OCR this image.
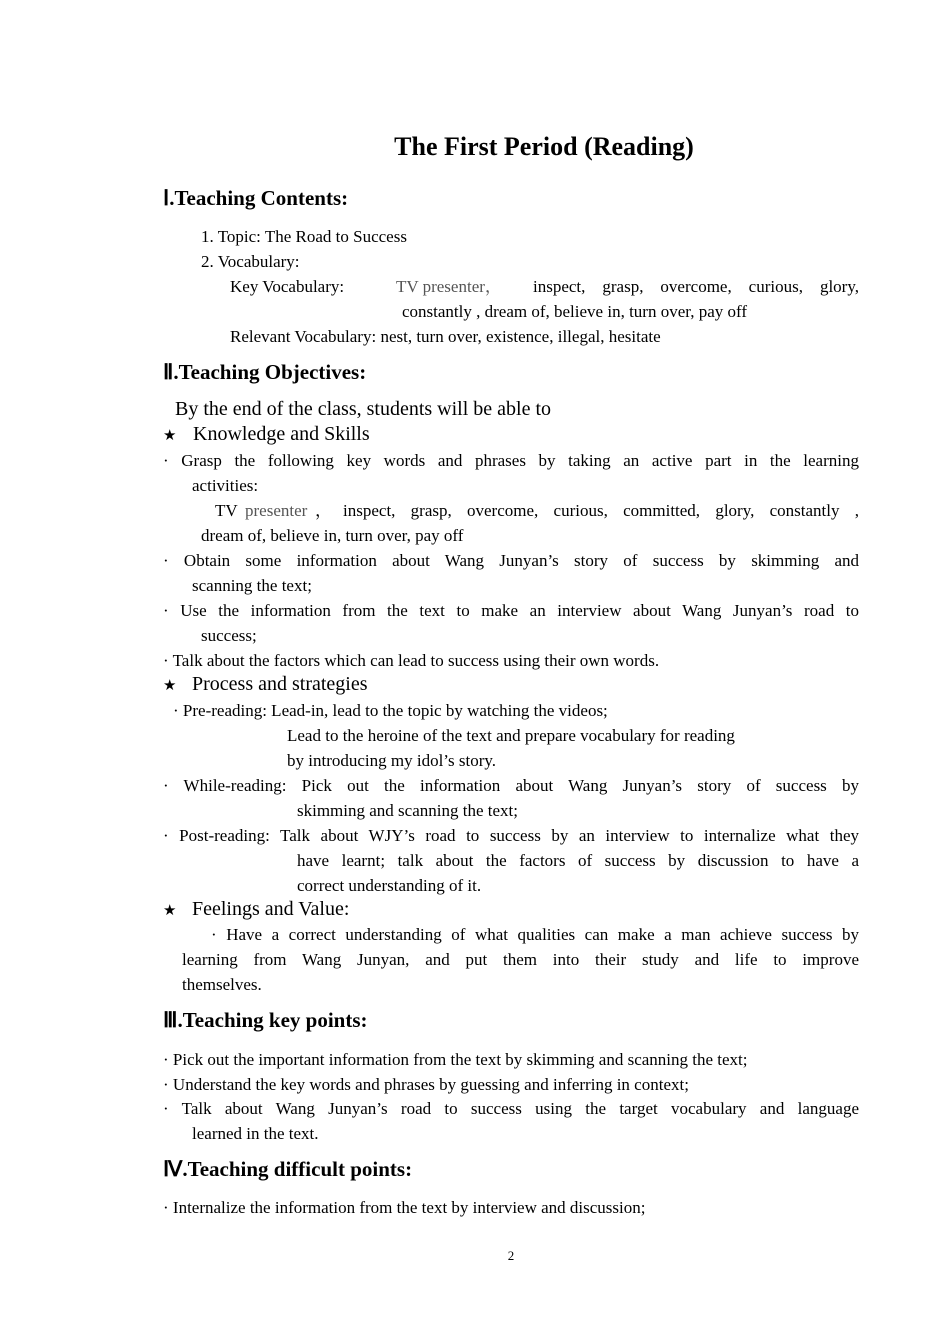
The First Period (Reading)
Ⅰ.Teaching Contents:
1. Topic: The Road to Success
2. Vocabulary:
Key Vocabulary:	TV presenter， inspect, grasp, overcome, curious, glory,
constantly , dream of, believe in, turn over, pay off
Relevant Vocabulary: nest, turn over, existence, illegal, hesitate
Ⅱ.Teaching Objectives:
By the end of the class, students will be able to
★ Knowledge and Skills
· Grasp the following key words and phrases by taking an active part in the learning
activities:
TV presenter ，inspect, grasp, overcome, curious, committed, glory, constantly ,
dream of, believe in, turn over, pay off
· Obtain some information about Wang Junyan’s story of success by skimming and
scanning the text;
· Use the information from the text to make an interview about Wang Junyan’s road to
success;
· Talk about the factors which can lead to success using their own words.
★ Process and strategies
· Pre-reading: Lead-in, lead to the topic by watching the videos;
Lead to the heroine of the text and prepare vocabulary for reading
by introducing my idol’s story.
· While-reading: Pick out the information about Wang Junyan’s story of success by
skimming and scanning the text;
· Post-reading: Talk about WJY’s road to success by an interview to internalize what they
have learnt; talk about the factors of success by discussion to have a
correct understanding of it.
★ Feelings and Value:
· Have a correct understanding of what qualities can make a man achieve success by
learning from Wang Junyan, and put them into their study and life to improve
themselves.
Ⅲ.Teaching key points:
· Pick out the important information from the text by skimming and scanning the text;
· Understand the key words and phrases by guessing and inferring in context;
· Talk about Wang Junyan’s road to success using the target vocabulary and language
learned in the text.
Ⅳ.Teaching difficult points:
· Internalize the information from the text by interview and discussion;
2
